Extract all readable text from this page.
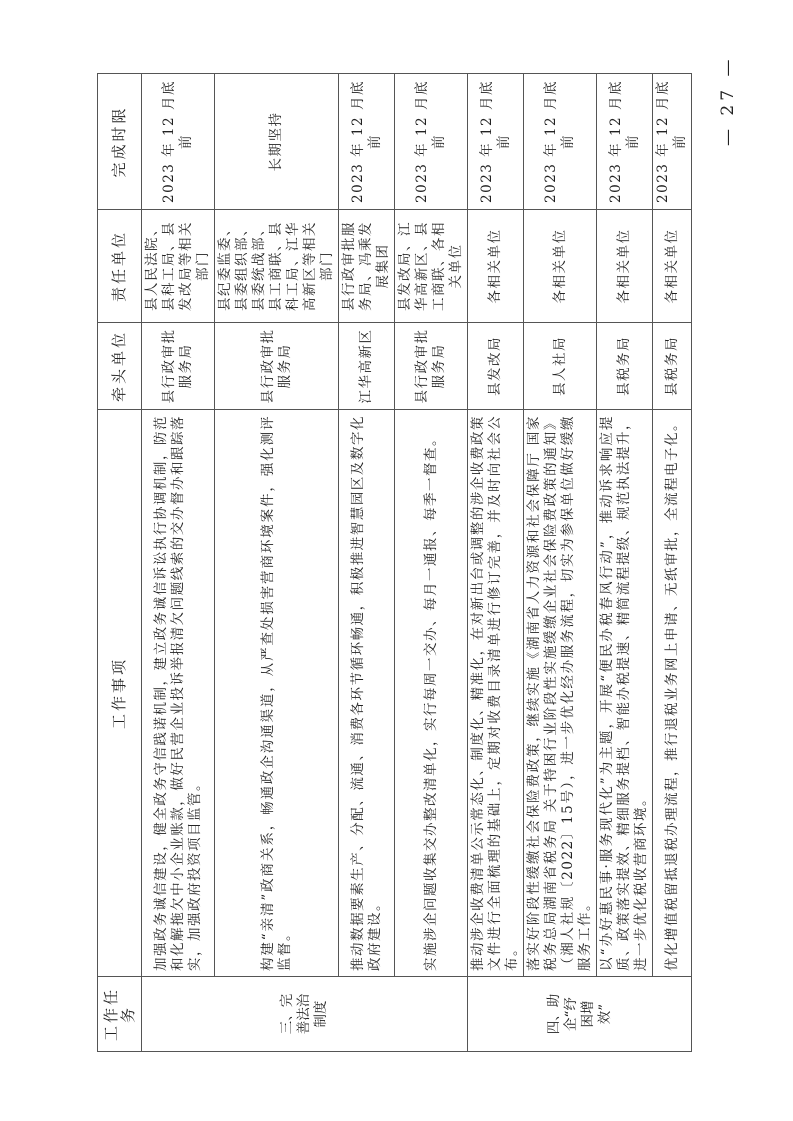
工作任务	工作事项	牵头单位	责任单位	完成时限
三、完善法治制度	加强政务诚信建设，健全政务守信践诺机制，建立政务诚信诉讼执行协调机制，防范和化解拖欠中小企业账款，做好民营企业投诉举报清欠问题线索的交办督办和跟踪落实，加强政府投资项目监管。	县行政审批服务局	县人民法院、县科工局、县发改局等相关部门	2023 年 12 月底前
	构建“亲清”政商关系，畅通政企沟通渠道，从严查处损害营商环境案件，强化测评监督。	县行政审批服务局	县纪委监委、县委组织部、县委统战部、县工商联、县科工局、江华高新区等相关部门	长期坚持
	推动数据要素生产、分配、流通、消费各环节循环畅通，积极推进智慧园区及数字化政府建设。	江华高新区	县行政审批服务局、冯乘发展集团	2023 年 12 月底前
	实施涉企问题收集交办整改清单化，实行每周一交办、每月一通报、每季一督查。	县行政审批服务局	县发改局、江华高新区、县工商联、各相关单位	2023 年 12 月底前
四、助企“纾困增效”	推动涉企收费清单公示常态化、制度化、精准化，在对新出台或调整的涉企收费政策文件进行全面梳理的基础上，定期对收费目录清单进行修订完善，并及时向社会公布。	县发改局	各相关单位	2023 年 12 月底前
	落实好阶段性缓缴社会保险费政策，继续实施《湖南省人力资源和社会保障厅 国家税务总局湖南省税务局 关于特困行业阶段性实施缓缴企业社会保险费政策的通知》（湘人社规〔2022〕15号），进一步优化经办服务流程，切实为参保单位做好缓缴服务工作。	县人社局	各相关单位	2023 年 12 月底前
	以“办好惠民事·服务现代化”为主题，开展“便民办税春风行动”，推动诉求响应提质、政策落实提效、精细服务提档、智能办税提速、精简流程提级、规范执法提升，进一步优化税收营商环境。	县税务局	各相关单位	2023 年 12 月底前
	优化增值税留抵退税办理流程，推行退税业务网上申请、无纸审批，全流程电子化。	县税务局	各相关单位	2023 年 12 月底前 — 27 —
